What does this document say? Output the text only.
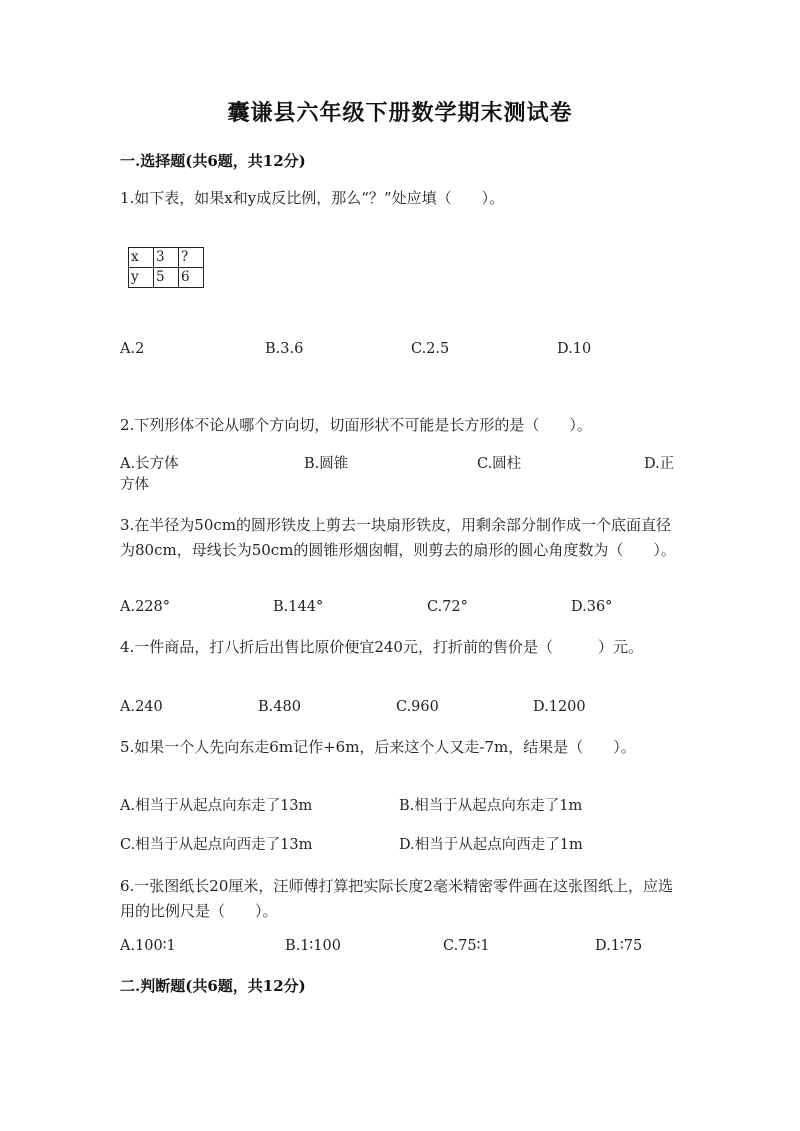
囊谦县六年级下册数学期末测试卷
一.选择题(共6题，共12分)
1.如下表，如果x和y成反比例，那么“？”处应填（　　）。
x	3	?
y	5	6
A.2	B.3.6	C.2.5	D.10
2.下列形体不论从哪个方向切，切面形状不可能是长方形的是（　　）。
A.长方体	B.圆锥	C.圆柱	D.正
方体
3.在半径为50cm的圆形铁皮上剪去一块扇形铁皮，用剩余部分制作成一个底面直径为80cm，母线长为50cm的圆锥形烟囱帽，则剪去的扇形的圆心角度数为（　　）。
A.228°	B.144°	C.72°	D.36°
4.一件商品，打八折后出售比原价便宜240元，打折前的售价是（　　　）元。
A.240	B.480	C.960	D.1200
5.如果一个人先向东走6m记作+6m，后来这个人又走-7m，结果是（　　）。
A.相当于从起点向东走了13m	B.相当于从起点向东走了1m
C.相当于从起点向西走了13m	D.相当于从起点向西走了1m
6.一张图纸长20厘米，汪师傅打算把实际长度2毫米精密零件画在这张图纸上，应选用的比例尺是（　　）。
A.100∶1	B.1∶100	C.75∶1	D.1∶75
二.判断题(共6题，共12分)
